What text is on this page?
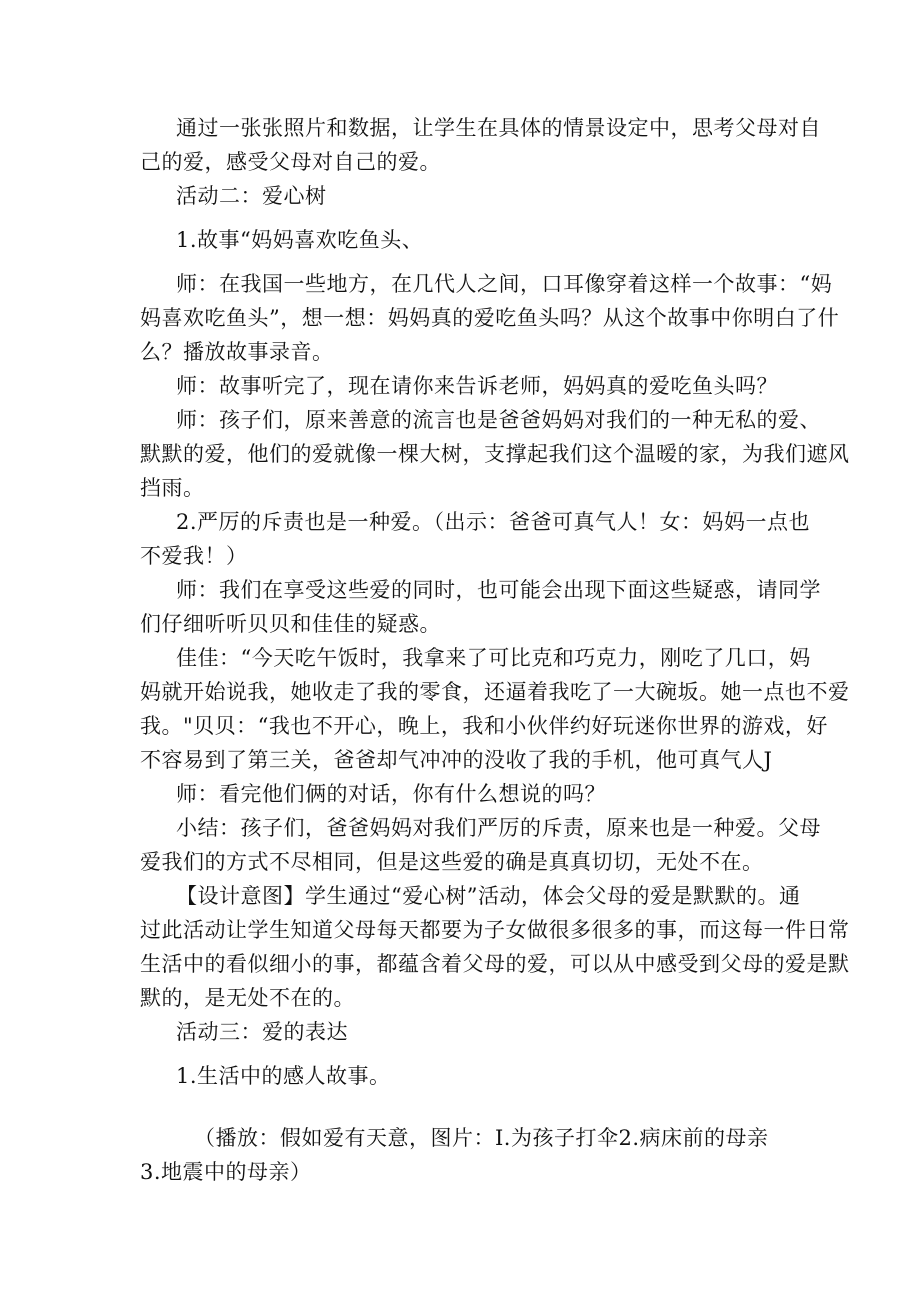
通过一张张照片和数据，让学生在具体的情景设定中，思考父母对自
己的爱，感受父母对自己的爱。
活动二：爱心树
1.故事“妈妈喜欢吃鱼头、
师：在我国一些地方，在几代人之间，口耳像穿着这样一个故事：“妈
妈喜欢吃鱼头”，想一想：妈妈真的爱吃鱼头吗？从这个故事中你明白了什
么？播放故事录音。
师：故事听完了，现在请你来告诉老师，妈妈真的爱吃鱼头吗？
师：孩子们，原来善意的流言也是爸爸妈妈对我们的一种无私的爱、
默默的爱，他们的爱就像一棵大树，支撑起我们这个温暧的家，为我们遮风
挡雨。
2.严厉的斥责也是一种爱。（出示：爸爸可真气人！女：妈妈一点也
不爱我！）
师：我们在享受这些爱的同时，也可能会出现下面这些疑惑，请同学
们仔细听听贝贝和佳佳的疑惑。
佳佳：“今天吃午饭时，我拿来了可比克和巧克力，刚吃了几口，妈
妈就开始说我，她收走了我的零食，还逼着我吃了一大碗坂。她一点也不爱
我。"贝贝：“我也不开心，晚上，我和小伙伴约好玩迷你世界的游戏，好
不容易到了第三关，爸爸却气冲冲的没收了我的手机，他可真气人J
师：看完他们俩的对话，你有什么想说的吗？
小结：孩子们，爸爸妈妈对我们严厉的斥责，原来也是一种爱。父母
爱我们的方式不尽相同，但是这些爱的确是真真切切，无处不在。
【设计意图】学生通过“爱心树”活动，体会父母的爱是默默的。通
过此活动让学生知道父母每天都要为子女做很多很多的事，而这每一件日常
生活中的看似细小的事，都蕴含着父母的爱，可以从中感受到父母的爱是默
默的，是无处不在的。
活动三：爱的表达
1.生活中的感人故事。
（播放：假如爱有天意，图片：I.为孩子打伞2.病床前的母亲
3.地震中的母亲）
